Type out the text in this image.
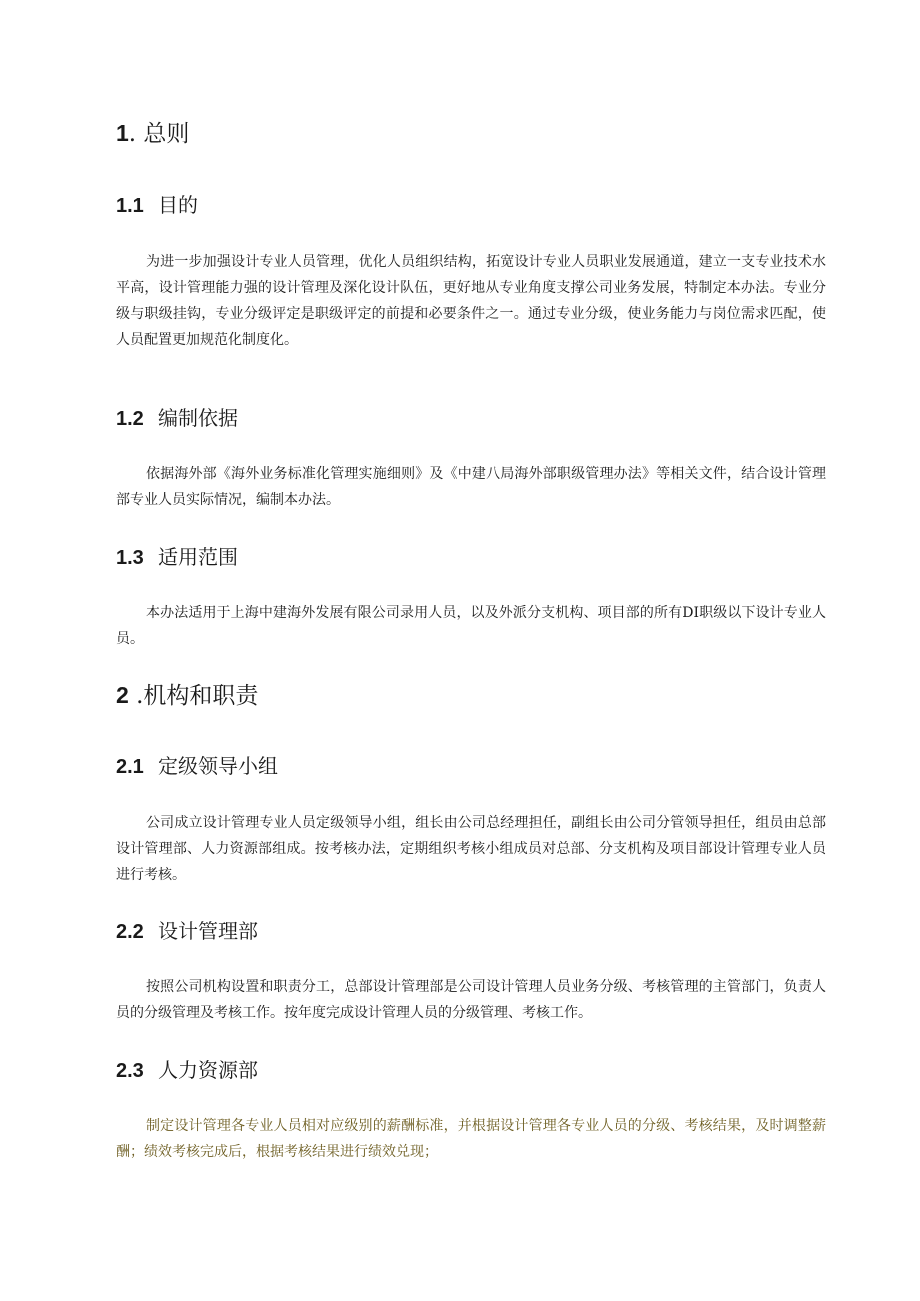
1. 总则
1.1 目的

为进一步加强设计专业人员管理，优化人员组织结构，拓宽设计专业人员职业发展通道，建立一支专业技术水平高，设计管理能力强的设计管理及深化设计队伍，更好地从专业角度支撑公司业务发展，特制定本办法。专业分级与职级挂钩，专业分级评定是职级评定的前提和必要条件之一。通过专业分级，使业务能力与岗位需求匹配，使人员配置更加规范化制度化。

1.2 编制依据

依据海外部《海外业务标准化管理实施细则》及《中建八局海外部职级管理办法》等相关文件，结合设计管理部专业人员实际情况，编制本办法。

1.3 适用范围

本办法适用于上海中建海外发展有限公司录用人员，以及外派分支机构、项目部的所有DI职级以下设计专业人员。

2 .机构和职责
2.1 定级领导小组

公司成立设计管理专业人员定级领导小组，组长由公司总经理担任，副组长由公司分管领导担任，组员由总部设计管理部、人力资源部组成。按考核办法，定期组织考核小组成员对总部、分支机构及项目部设计管理专业人员进行考核。

2.2 设计管理部

按照公司机构设置和职责分工，总部设计管理部是公司设计管理人员业务分级、考核管理的主管部门，负责人员的分级管理及考核工作。按年度完成设计管理人员的分级管理、考核工作。

2.3 人力资源部

制定设计管理各专业人员相对应级别的薪酬标准，并根据设计管理各专业人员的分级、考核结果，及时调整薪酬；绩效考核完成后，根据考核结果进行绩效兑现；
